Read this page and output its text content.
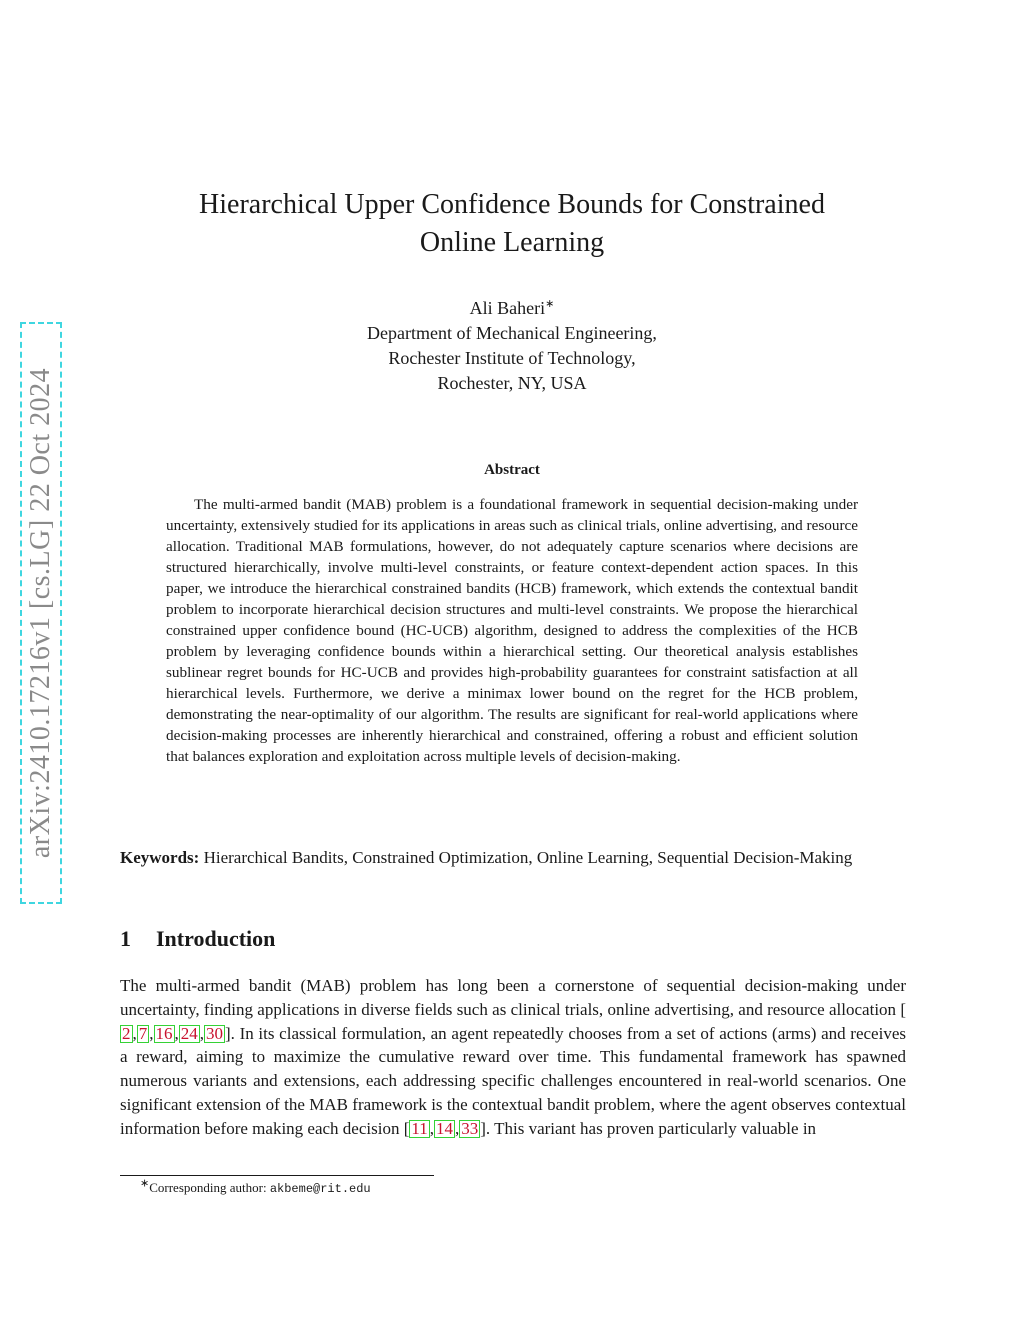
arXiv:2410.17216v1 [cs.LG] 22 Oct 2024
Hierarchical Upper Confidence Bounds for Constrained
Online Learning
Ali Baheri∗
Department of Mechanical Engineering,
Rochester Institute of Technology,
Rochester, NY, USA
Abstract

The multi-armed bandit (MAB) problem is a foundational framework in sequential decision-making under uncertainty, extensively studied for its applications in areas such as clinical trials, online advertising, and resource allocation. Traditional MAB formulations, however, do not adequately capture scenarios where decisions are structured hierarchically, involve multi-level constraints, or feature context-dependent action spaces. In this paper, we introduce the hierarchical constrained bandits (HCB) framework, which extends the contextual bandit problem to incorporate hierarchical decision structures and multi-level constraints. We propose the hierarchical constrained upper confidence bound (HC-UCB) algorithm, designed to address the complexities of the HCB problem by leveraging confidence bounds within a hierarchical setting. Our theoretical analysis establishes sublinear regret bounds for HC-UCB and provides high-probability guarantees for constraint satisfaction at all hierarchical levels. Furthermore, we derive a minimax lower bound on the regret for the HCB problem, demonstrating the near-optimality of our algorithm. The results are significant for real-world applications where decision-making processes are inherently hierarchical and constrained, offering a robust and efficient solution that balances exploration and exploitation across multiple levels of decision-making.

Keywords: Hierarchical Bandits, Constrained Optimization, Online Learning, Sequential Decision-Making

1 Introduction

The multi-armed bandit (MAB) problem has long been a cornerstone of sequential decision-making under uncertainty, finding applications in diverse fields such as clinical trials, online advertising, and resource allocation [2 , 7 , 16 , 24 , 30 ]. In its classical formulation, an agent repeatedly chooses from a set of actions (arms) and receives a reward, aiming to maximize the cumulative reward over time. This fundamental framework has spawned numerous variants and extensions, each addressing specific challenges encountered in real-world scenarios. One significant extension of the MAB framework is the contextual bandit problem, where the agent observes contextual information before making each decision [ 11 , 14 , 33 ]. This variant has proven particularly valuable in

∗Corresponding author: akbeme@rit.edu
